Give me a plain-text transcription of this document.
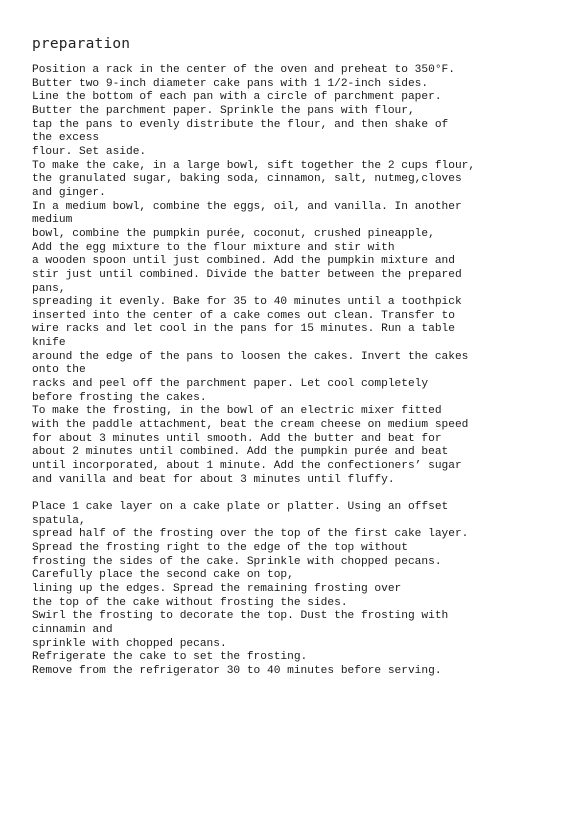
preparation
Position a rack in the center of the oven and preheat to 350°F.
Butter two 9-inch diameter cake pans with 1 1/2-inch sides.
Line the bottom of each pan with a circle of parchment paper.
Butter the parchment paper. Sprinkle the pans with flour,
tap the pans to evenly distribute the flour, and then shake of
the excess
flour. Set aside.
To make the cake, in a large bowl, sift together the 2 cups flour,
the granulated sugar, baking soda, cinnamon, salt, nutmeg,cloves
and ginger.
In a medium bowl, combine the eggs, oil, and vanilla. In another
medium
bowl, combine the pumpkin purée, coconut, crushed pineapple,
Add the egg mixture to the flour mixture and stir with
a wooden spoon until just combined. Add the pumpkin mixture and
stir just until combined. Divide the batter between the prepared
pans,
spreading it evenly. Bake for 35 to 40 minutes until a toothpick
inserted into the center of a cake comes out clean. Transfer to
wire racks and let cool in the pans for 15 minutes. Run a table
knife
around the edge of the pans to loosen the cakes. Invert the cakes
onto the
racks and peel off the parchment paper. Let cool completely
before frosting the cakes.
To make the frosting, in the bowl of an electric mixer fitted
with the paddle attachment, beat the cream cheese on medium speed
for about 3 minutes until smooth. Add the butter and beat for
about 2 minutes until combined. Add the pumpkin purée and beat
until incorporated, about 1 minute. Add the confectioners’ sugar
and vanilla and beat for about 3 minutes until fluffy.
Place 1 cake layer on a cake plate or platter. Using an offset
spatula,
spread half of the frosting over the top of the first cake layer.
Spread the frosting right to the edge of the top without
frosting the sides of the cake. Sprinkle with chopped pecans.
Carefully place the second cake on top,
lining up the edges. Spread the remaining frosting over
the top of the cake without frosting the sides.
Swirl the frosting to decorate the top. Dust the frosting with
cinnamin and
sprinkle with chopped pecans.
Refrigerate the cake to set the frosting.
Remove from the refrigerator 30 to 40 minutes before serving.
